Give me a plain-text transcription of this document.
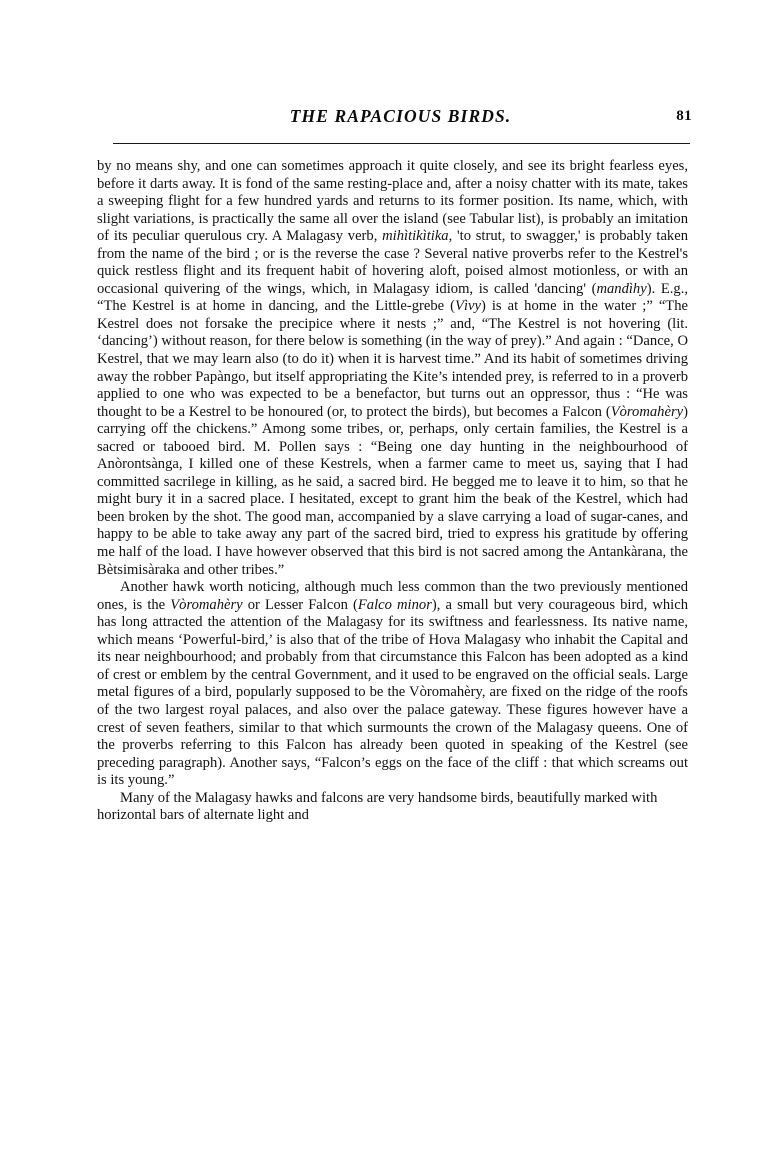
THE RAPACIOUS BIRDS.	81

by no means shy, and one can sometimes approach it quite closely, and see its bright fearless eyes, before it darts away. It is fond of the same resting-place and, after a noisy chatter with its mate, takes a sweeping flight for a few hundred yards and returns to its former position. Its name, which, with slight variations, is practically the same all over the island (see Tabular list), is probably an imitation of its peculiar querulous cry. A Malagasy verb, mihìtikìtika, 'to strut, to swagger,' is probably taken from the name of the bird ; or is the reverse the case ? Several native proverbs refer to the Kestrel's quick restless flight and its frequent habit of hovering aloft, poised almost motionless, or with an occasional quivering of the wings, which, in Malagasy idiom, is called 'dancing' (mandìhy). E.g., “The Kestrel is at home in dancing, and the Little-grebe (Vìvy) is at home in the water ;” “The Kestrel does not forsake the precipice where it nests ;” and, “The Kestrel is not hovering (lit. ‘dancing’) without reason, for there below is something (in the way of prey).” And again : “Dance, O Kestrel, that we may learn also (to do it) when it is harvest time.” And its habit of sometimes driving away the robber Papàngo, but itself appropriating the Kite’s intended prey, is referred to in a proverb applied to one who was expected to be a benefactor, but turns out an oppressor, thus : “He was thought to be a Kestrel to be honoured (or, to protect the birds), but becomes a Falcon (Vòromahèry) carrying off the chickens.” Among some tribes, or, perhaps, only certain families, the Kestrel is a sacred or tabooed bird. M. Pollen says : “Being one day hunting in the neighbourhood of Anòrontsànga, I killed one of these Kestrels, when a farmer came to meet us, saying that I had committed sacrilege in killing, as he said, a sacred bird. He begged me to leave it to him, so that he might bury it in a sacred place. I hesitated, except to grant him the beak of the Kestrel, which had been broken by the shot. The good man, accompanied by a slave carrying a load of sugar-canes, and happy to be able to take away any part of the sacred bird, tried to express his gratitude by offering me half of the load. I have however observed that this bird is not sacred among the Antankàrana, the Bètsimisàraka and other tribes.”

Another hawk worth noticing, although much less common than the two previously mentioned ones, is the Vòromahèry or Lesser Falcon (Falco minor), a small but very courageous bird, which has long attracted the attention of the Malagasy for its swiftness and fearlessness. Its native name, which means ‘Powerful-bird,’ is also that of the tribe of Hova Malagasy who inhabit the Capital and its near neighbourhood; and probably from that circumstance this Falcon has been adopted as a kind of crest or emblem by the central Government, and it used to be engraved on the official seals. Large metal figures of a bird, popularly supposed to be the Vòromahèry, are fixed on the ridge of the roofs of the two largest royal palaces, and also over the palace gateway. These figures however have a crest of seven feathers, similar to that which surmounts the crown of the Malagasy queens. One of the proverbs referring to this Falcon has already been quoted in speaking of the Kestrel (see preceding paragraph). Another says, “Falcon’s eggs on the face of the cliff : that which screams out is its young.”

Many of the Malagasy hawks and falcons are very handsome birds, beautifully marked with horizontal bars of alternate light and
